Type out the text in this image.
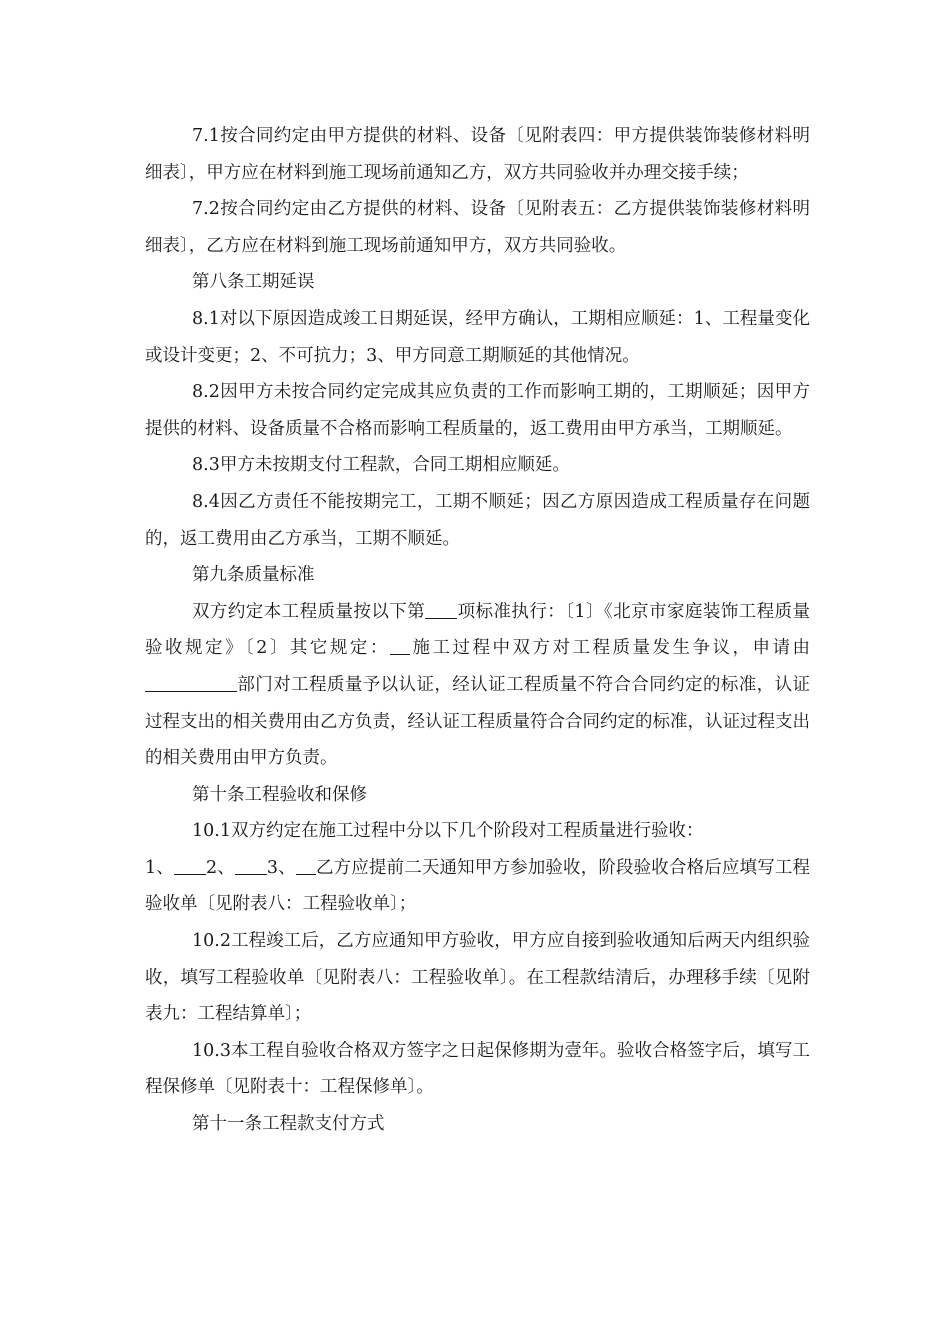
7.1按合同约定由甲方提供的材料、设备〔见附表四：甲方提供装饰装修材料明细表〕，甲方应在材料到施工现场前通知乙方，双方共同验收并办理交接手续；

7.2按合同约定由乙方提供的材料、设备〔见附表五：乙方提供装饰装修材料明细表〕，乙方应在材料到施工现场前通知甲方，双方共同验收。

第八条工期延误

8.1对以下原因造成竣工日期延误，经甲方确认，工期相应顺延：1、工程量变化或设计变更；2、不可抗力；3、甲方同意工期顺延的其他情况。

8.2因甲方未按合同约定完成其应负责的工作而影响工期的，工期顺延；因甲方提供的材料、设备质量不合格而影响工程质量的，返工费用由甲方承当，工期顺延。

8.3甲方未按期支付工程款，合同工期相应顺延。

8.4因乙方责任不能按期完工，工期不顺延；因乙方原因造成工程质量存在问题的，返工费用由乙方承当，工期不顺延。

第九条质量标准

双方约定本工程质量按以下第 项标准执行：〔1〕《北京市家庭装饰工程质量验收规定》〔2〕其它规定： 施工过程中双方对工程质量发生争议，申请由部门对工程质量予以认证，经认证工程质量不符合合同约定的标准，认证过程支出的相关费用由乙方负责，经认证工程质量符合合同约定的标准，认证过程支出的相关费用由甲方负责。

第十条工程验收和保修

10.1双方约定在施工过程中分以下几个阶段对工程质量进行验收：

1、 2、 3、 乙方应提前二天通知甲方参加验收，阶段验收合格后应填写工程验收单〔见附表八：工程验收单〕；

10.2工程竣工后，乙方应通知甲方验收，甲方应自接到验收通知后两天内组织验收，填写工程验收单〔见附表八：工程验收单〕。在工程款结清后，办理移手续〔见附表九：工程结算单〕；

10.3本工程自验收合格双方签字之日起保修期为壹年。验收合格签字后，填写工程保修单〔见附表十：工程保修单〕。

第十一条工程款支付方式
